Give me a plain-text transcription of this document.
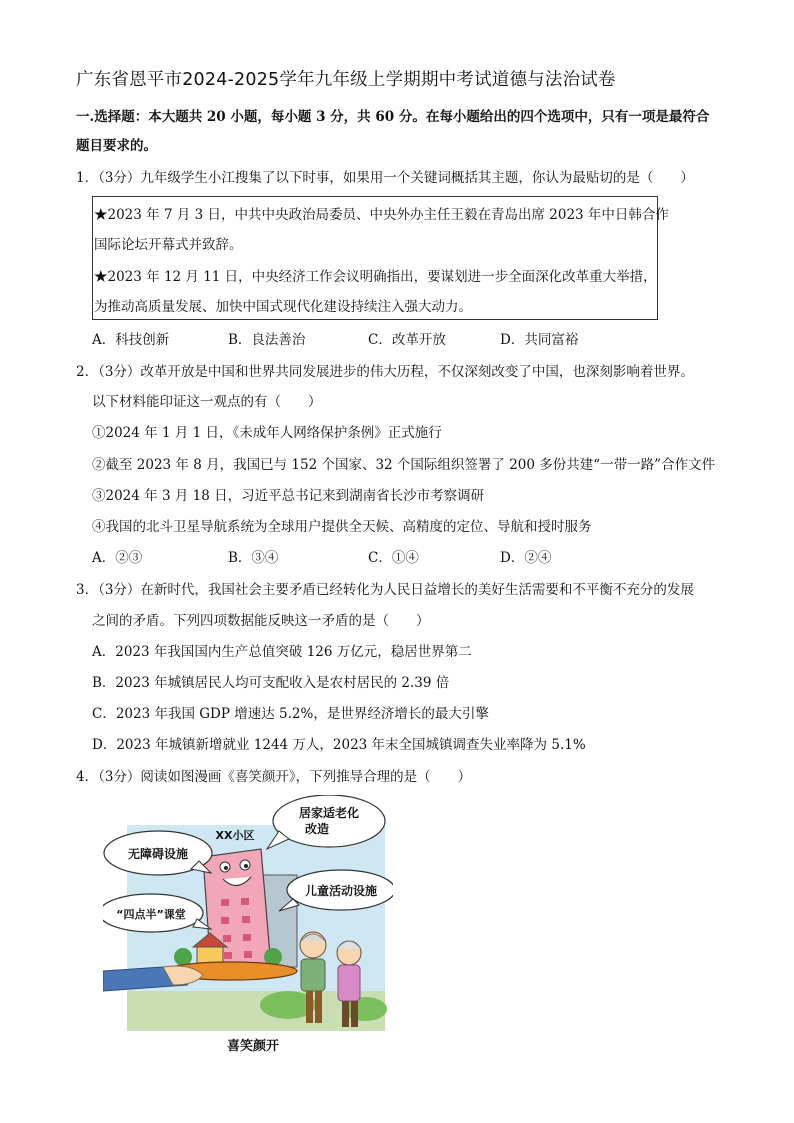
广东省恩平市2024-2025学年九年级上学期期中考试道德与法治试卷
一.选择题：本大题共 20 小题，每小题 3 分，共 60 分。在每小题给出的四个选项中，只有一项是最符合
题目要求的。
1．（3分）九年级学生小江搜集了以下时事，如果用一个关键词概括其主题，你认为最贴切的是（　　）
★2023 年 7 月 3 日，中共中央政治局委员、中央外办主任王毅在青岛出席 2023 年中日韩合作
国际论坛开幕式并致辞。
★2023 年 12 月 11 日，中央经济工作会议明确指出，要谋划进一步全面深化改革重大举措，
为推动高质量发展、加快中国式现代化建设持续注入强大动力。
A．科技创新	B．良法善治	C．改革开放	D．共同富裕
2．（3分）改革开放是中国和世界共同发展进步的伟大历程，不仅深刻改变了中国，也深刻影响着世界。
以下材料能印证这一观点的有（　　）
①2024 年 1 月 1 日，《未成年人网络保护条例》正式施行
②截至 2023 年 8 月，我国已与 152 个国家、32 个国际组织签署了 200 多份共建“一带一路”合作文件
③2024 年 3 月 18 日，习近平总书记来到湖南省长沙市考察调研
④我国的北斗卫星导航系统为全球用户提供全天候、高精度的定位、导航和授时服务
A．②③	B．③④	C．①④	D．②④
3．（3分）在新时代，我国社会主要矛盾已经转化为人民日益增长的美好生活需要和不平衡不充分的发展
之间的矛盾。下列四项数据能反映这一矛盾的是（　　）
A．2023 年我国国内生产总值突破 126 万亿元，稳居世界第二
B．2023 年城镇居民人均可支配收入是农村居民的 2.39 倍
C．2023 年我国 GDP 增速达 5.2%，是世界经济增长的最大引擎
D．2023 年城镇新增就业 1244 万人，2023 年末全国城镇调查失业率降为 5.1%
4．（3分）阅读如图漫画《喜笑颜开》，下列推导合理的是（　　）
无障碍设施
居家适老化
改造
儿童活动设施
“四点半”课堂
XX小区
喜笑颜开
